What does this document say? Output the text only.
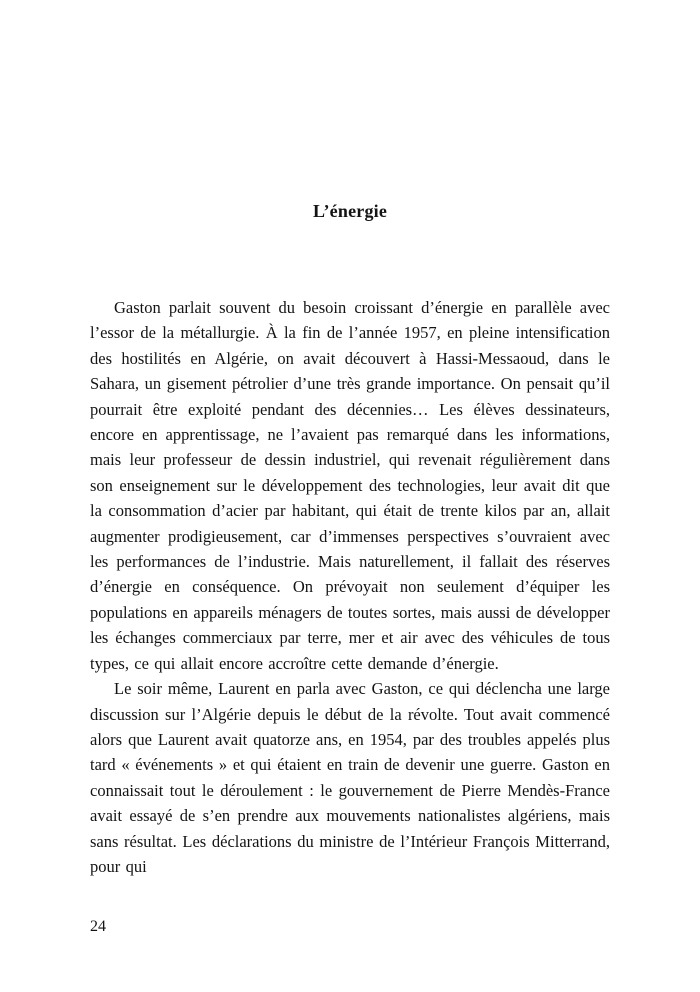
L’énergie

Gaston parlait souvent du besoin croissant d’énergie en parallèle avec l’essor de la métallurgie. À la fin de l’année 1957, en pleine intensification des hostilités en Algérie, on avait découvert à Hassi-Messaoud, dans le Sahara, un gisement pétrolier d’une très grande importance. On pensait qu’il pourrait être exploité pendant des décennies… Les élèves dessinateurs, encore en apprentissage, ne l’avaient pas remarqué dans les informations, mais leur professeur de dessin industriel, qui revenait régulièrement dans son enseignement sur le développement des technologies, leur avait dit que la consommation d’acier par habitant, qui était de trente kilos par an, allait augmenter prodigieusement, car d’immenses perspectives s’ouvraient avec les performances de l’industrie. Mais naturellement, il fallait des réserves d’énergie en conséquence. On prévoyait non seulement d’équiper les populations en appareils ménagers de toutes sortes, mais aussi de développer les échanges commerciaux par terre, mer et air avec des véhicules de tous types, ce qui allait encore accroître cette demande d’énergie.

Le soir même, Laurent en parla avec Gaston, ce qui déclencha une large discussion sur l’Algérie depuis le début de la révolte. Tout avait commencé alors que Laurent avait quatorze ans, en 1954, par des troubles appelés plus tard « événements » et qui étaient en train de devenir une guerre. Gaston en connaissait tout le déroulement : le gouvernement de Pierre Mendès-France avait essayé de s’en prendre aux mouvements nationalistes algériens, mais sans résultat. Les déclarations du ministre de l’Intérieur François Mitterrand, pour qui

24
